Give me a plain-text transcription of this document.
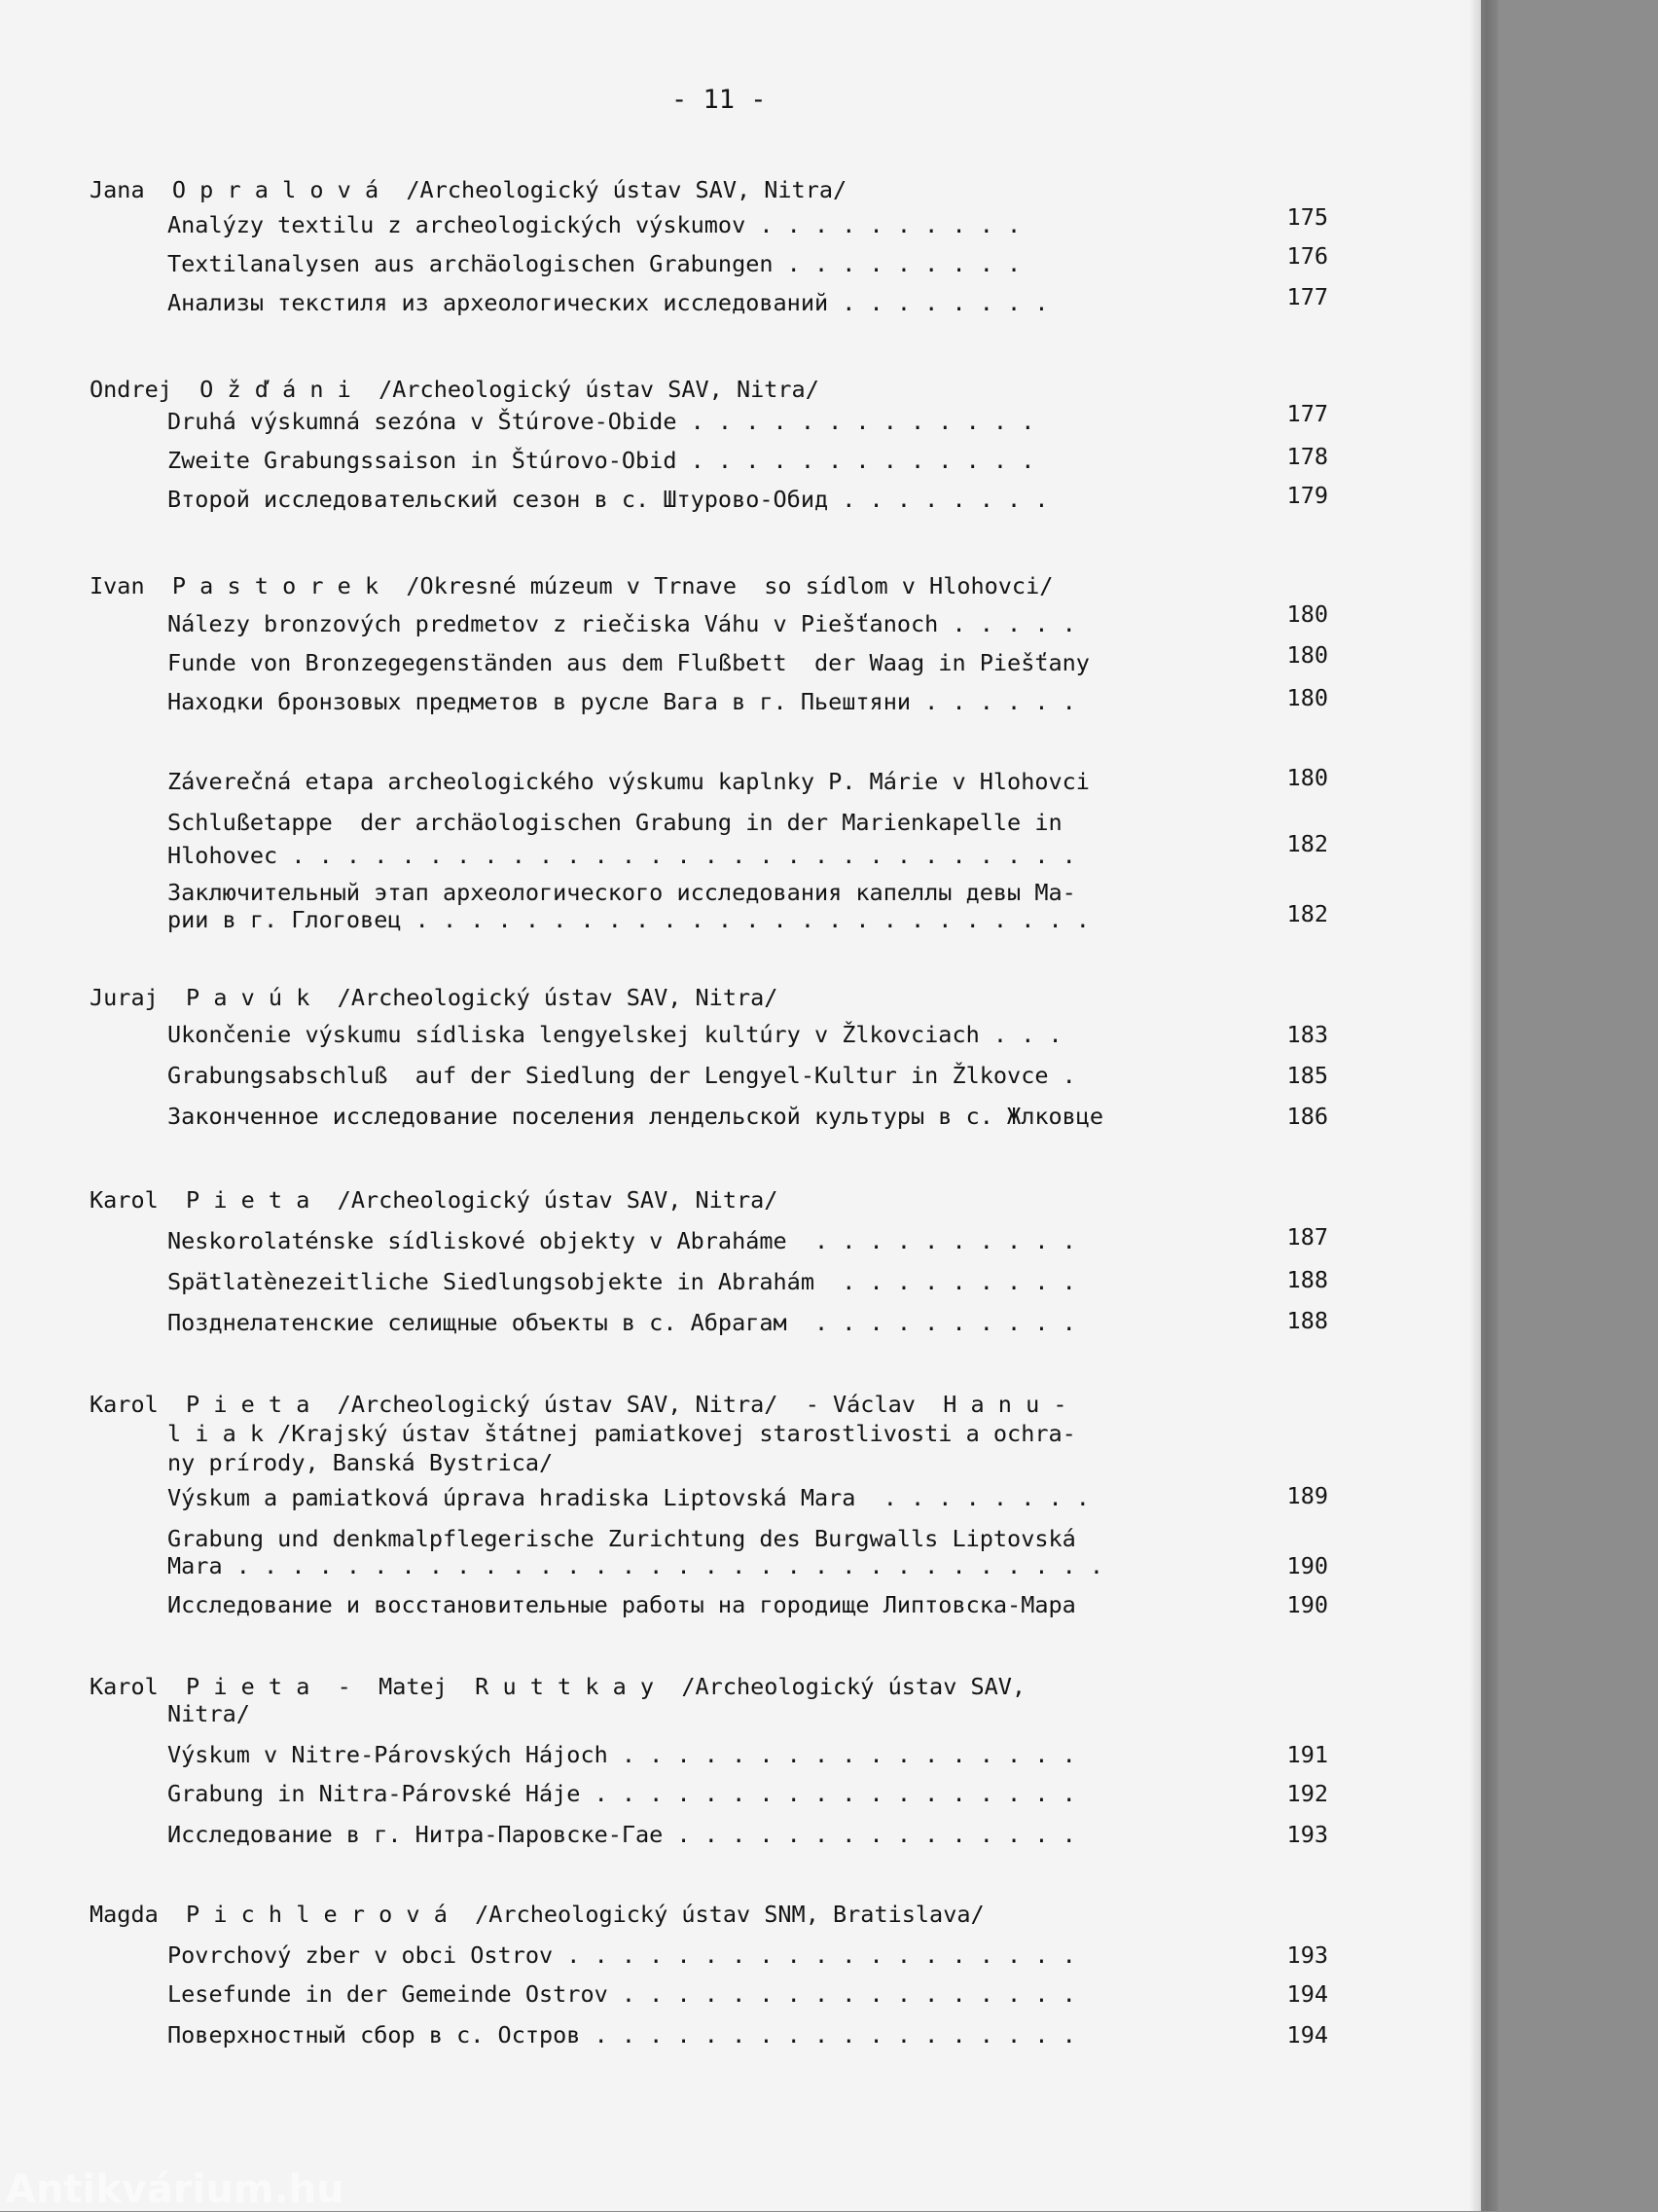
- 11 -
Jana  O p r a l o v á  /Archeologický ústav SAV, Nitra/
Analýzy textilu z archeologických výskumov . . . . . . . . . .	175
Textilanalysen aus archäologischen Grabungen . . . . . . . . .	176
Анализы текстиля из археологических исследований . . . . . . . .	177
Ondrej  O ž ď á n i  /Archeologický ústav SAV, Nitra/
Druhá výskumná sezóna v Štúrove-Obide . . . . . . . . . . . . .	177
Zweite Grabungssaison in Štúrovo-Obid . . . . . . . . . . . . .	178
Второй исследовательский сезон в с. Штурово-Обид . . . . . . . .	179
Ivan  P a s t o r e k  /Okresné múzeum v Trnave  so sídlom v Hlohovci/
Nálezy bronzových predmetov z riečiska Váhu v Piešťanoch . . . . .	180
Funde von Bronzegegenständen aus dem Flußbett  der Waag in Piešťany	180
Находки бронзовых предметов в русле Вага в г. Пьештяни . . . . . .	180
Záverečná etapa archeologického výskumu kaplnky P. Márie v Hlohovci	180
Schlußetappe  der archäologischen Grabung in der Marienkapelle in
Hlohovec . . . . . . . . . . . . . . . . . . . . . . . . . . . . .	182
Заключительный этап археологического исследования капеллы девы Ма-
рии в г. Глоговец . . . . . . . . . . . . . . . . . . . . . . . . .	182
Juraj  P a v ú k  /Archeologický ústav SAV, Nitra/
Ukončenie výskumu sídliska lengyelskej kultúry v Žlkovciach . . .	183
Grabungsabschluß  auf der Siedlung der Lengyel-Kultur in Žlkovce .	185
Законченное исследование поселения лендельской культуры в с. Жлковце	186
Karol  P i e t a  /Archeologický ústav SAV, Nitra/
Neskorolaténske sídliskové objekty v Abraháme  . . . . . . . . . .	187
Spätlatènezeitliche Siedlungsobjekte in Abrahám  . . . . . . . . .	188
Позднелатенские селищные объекты в с. Абрагам  . . . . . . . . . .	188
Karol  P i e t a  /Archeologický ústav SAV, Nitra/  - Václav  H a n u -
l i a k /Krajský ústav štátnej pamiatkovej starostlivosti a ochra-
ny prírody, Banská Bystrica/
Výskum a pamiatková úprava hradiska Liptovská Mara  . . . . . . . .	189
Grabung und denkmalpflegerische Zurichtung des Burgwalls Liptovská
Mara . . . . . . . . . . . . . . . . . . . . . . . . . . . . . . . .	190
Исследование и восстановительные работы на городище Липтовска-Мара	190
Karol  P i e t a  -  Matej  R u t t k a y  /Archeologický ústav SAV,
Nitra/
Výskum v Nitre-Párovských Hájoch . . . . . . . . . . . . . . . . .	191
Grabung in Nitra-Párovské Háje . . . . . . . . . . . . . . . . . .	192
Исследование в г. Нитра-Паровске-Гае . . . . . . . . . . . . . . .	193
Magda  P i c h l e r o v á  /Archeologický ústav SNM, Bratislava/
Povrchový zber v obci Ostrov . . . . . . . . . . . . . . . . . . .	193
Lesefunde in der Gemeinde Ostrov . . . . . . . . . . . . . . . . .	194
Поверхностный сбор в с. Остров . . . . . . . . . . . . . . . . . .	194
Antikvárium.hu
